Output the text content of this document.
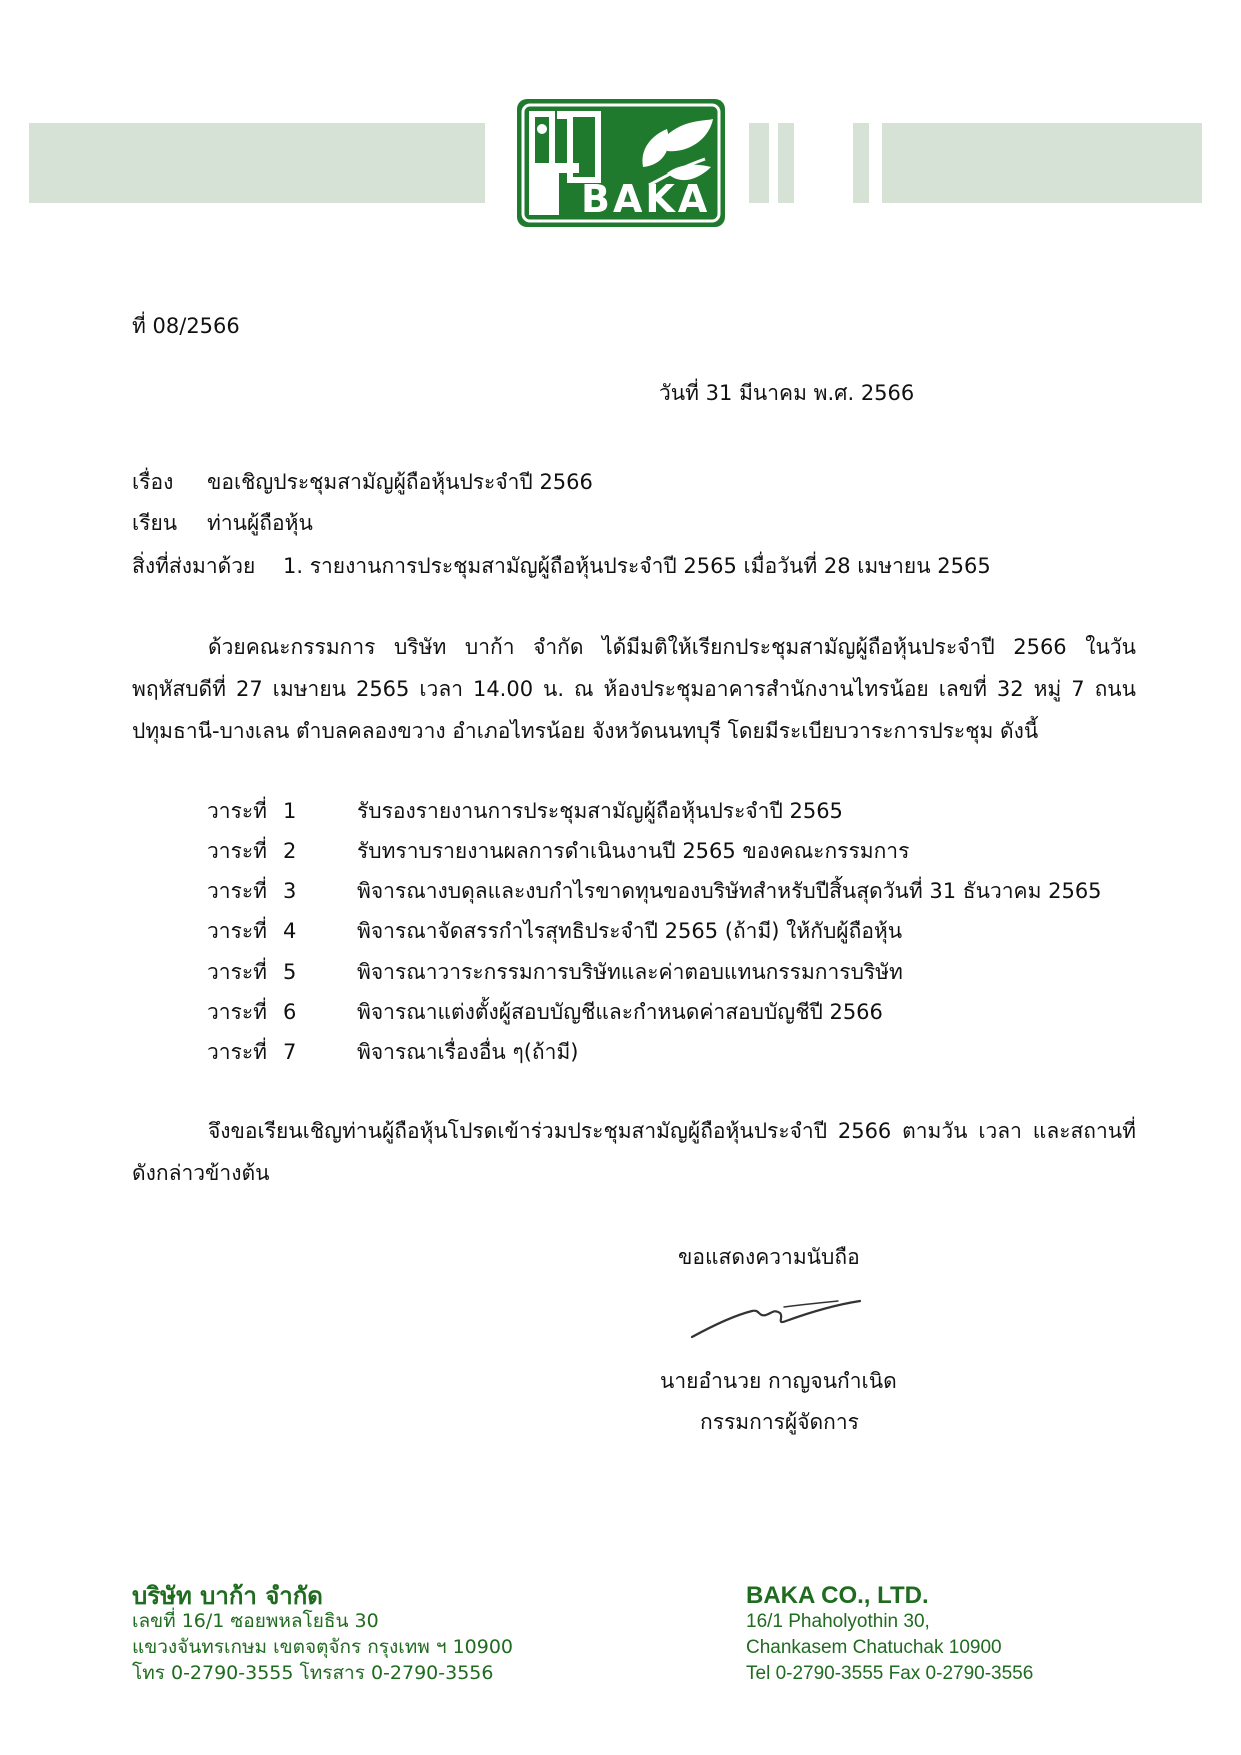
BAKA
ที่ 08/2566
วันที่ 31 มีนาคม พ.ศ. 2566
เรื่อง ขอเชิญประชุมสามัญผู้ถือหุ้นประจำปี 2566
เรียน ท่านผู้ถือหุ้น
สิ่งที่ส่งมาด้วย 1. รายงานการประชุมสามัญผู้ถือหุ้นประจำปี 2565 เมื่อวันที่ 28 เมษายน 2565

ด้วยคณะกรรมการ บริษัท บาก้า จำกัด ได้มีมติให้เรียกประชุมสามัญผู้ถือหุ้นประจำปี 2566 ในวัน

พฤหัสบดีที่ 27 เมษายน 2565 เวลา 14.00 น. ณ ห้องประชุมอาคารสำนักงานไทรน้อย เลขที่ 32 หมู่ 7 ถนน

ปทุมธานี-บางเลน ตำบลคลองขวาง อำเภอไทรน้อย จังหวัดนนทบุรี โดยมีระเบียบวาระการประชุม ดังนี้

วาระที่ 1	รับรองรายงานการประชุมสามัญผู้ถือหุ้นประจำปี 2565
วาระที่ 2	รับทราบรายงานผลการดำเนินงานปี 2565 ของคณะกรรมการ
วาระที่ 3	พิจารณางบดุลและงบกำไรขาดทุนของบริษัทสำหรับปีสิ้นสุดวันที่ 31 ธันวาคม 2565
วาระที่ 4	พิจารณาจัดสรรกำไรสุทธิประจำปี 2565 (ถ้ามี) ให้กับผู้ถือหุ้น
วาระที่ 5	พิจารณาวาระกรรมการบริษัทและค่าตอบแทนกรรมการบริษัท
วาระที่ 6	พิจารณาแต่งตั้งผู้สอบบัญชีและกำหนดค่าสอบบัญชีปี 2566
วาระที่ 7	พิจารณาเรื่องอื่น ๆ(ถ้ามี)

จึงขอเรียนเชิญท่านผู้ถือหุ้นโปรดเข้าร่วมประชุมสามัญผู้ถือหุ้นประจำปี 2566 ตามวัน เวลา และสถานที่

ดังกล่าวข้างต้น

ขอแสดงความนับถือ
นายอำนวย กาญจนกำเนิด
กรรมการผู้จัดการ
บริษัท บาก้า จำกัด
เลขที่ 16/1 ซอยพหลโยธิน 30
แขวงจันทรเกษม เขตจตุจักร กรุงเทพ ฯ 10900
โทร 0-2790-3555 โทรสาร 0-2790-3556
BAKA CO., LTD.
16/1 Phaholyothin 30,
Chankasem Chatuchak 10900
Tel 0-2790-3555 Fax 0-2790-3556
